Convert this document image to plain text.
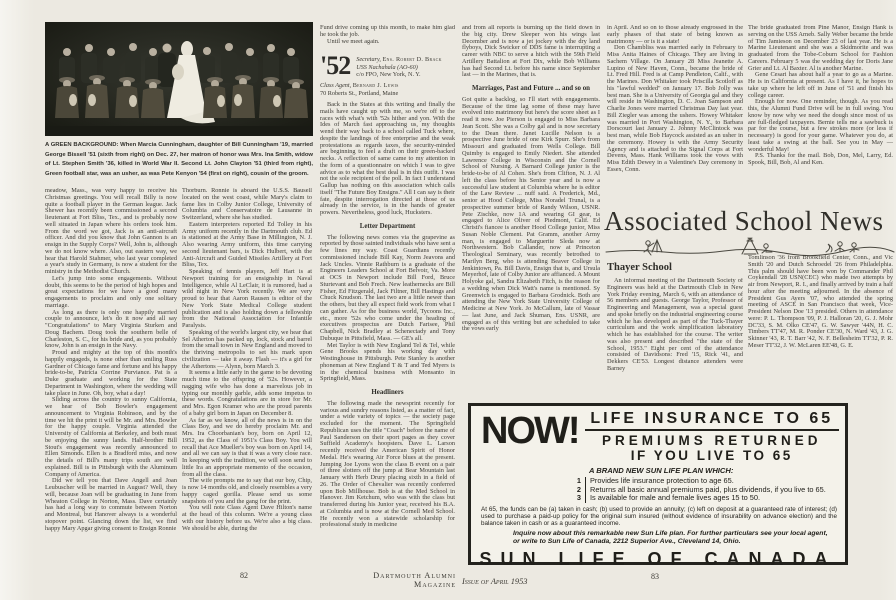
A GREEN BACKGROUND: When Marcia Cunningham, daughter of Bill Cunningham '19, married George Bissell '51 (sixth from right) on Dec. 27, her matron of honor was Mrs. Ina Smith, widow of Lt. Stephen Smith '36, killed in World War II. Second Lt. John Clayton '51 (third from right), Green football star, was an usher, as was Pete Kenyon '54 (first on right), cousin of the groom.

meadow, Mass., was very happy to receive his Christmas greetings. You will recall Billy is now quite a football player in the German league. Jack Shewer has recently been commissioned a second lieutenant at Fort Bliss, Tex., and is probably now well situated in Japan where his orders took him. From the word we got, Jack is an anti-aircraft officer. And did you know that John Gannon is an ensign in the Supply Corps? Well, John is, although we do not know where. Also, out eastern way, we hear that Harold Stahmer, who last year completed a year's study in Germany, is now a student for the ministry in the Methodist Church.

Let's jump into some engagements. Without doubt, this seems to be the period of high hopes and great expectations for we have a good many engagements to proclaim and only one solitary marriage.

As long as there is only one happily married couple to announce, let's do it now and all say "Congratulations" to Mary Virginia Sturken and Doug Bachem. Doug took the southern belle of Charleston, S. C., for his bride and, as you probably know, John is an ensign in the Navy.

Proud and mighty at the top of this month's happily engageds, is none other than smiling Russ Gardner of Chicago fame and fortune and his happy bride-to-be, Patricia Corrine Purviance. Pat is a Duke graduate and working for the State Department in Washington, where the wedding will take place in June. Oh, boy, what a day!

Sliding across the country to sunny California, we hear of Bob Bowler's engagement announcement to Virginia Robinson, and by the time we hit the print it will be Mr. and Mrs. Bowler for the happy couple. Virginia attended the University of California at Berkeley, and both must be enjoying the sunny lands. Half-brother Bill Stout's engagement was recently announced to Ellen Simonds. Ellen is a Bradford miss, and now the details of Bill's many trips south are well explained. Bill is in Pittsburgh with the Aluminum Company of America.

Did we tell you that Dave Angell and Joan Leubuscher will be married in August? Well, they will, because Joan will be graduating in June from Wheaton College in Norton, Mass. Dave certainly has had a long way to commute between Norton and Montreal, but Hanover always is a wonderful stopover point. Glancing down the list, we find happy Mary Apgar giving consent to Ensign Ronnie

Thorburn. Ronnie is aboard the U.S.S. Bausell located on the west coast, while Mary's claim to fame lies in Colby Junior College, University of Columbia and Conservatoire de Lausanne in Switzerland, where she has studied.

Eastern interpreters reported Ed Tolley in his Army uniform recently in the Dartmouth club. Ed is stationed at the Army Base in Millington, N. J. Also wearing Army uniform, this time carrying second lieutenant bars, is Dick Hulbert, with the Anti-Aircraft and Guided Missiles Artillery at Fort Bliss, Tex.

Speaking of tennis players, Jeff Hart is at Newport training for an ensignship in Naval Intelligence, while Al LeClair, it is rumored, had a wild night in New York recently. We are very proud to hear that Aaron Rausen is editor of the New York State Medical College student publication and is also holding down a fellowship from the National Association for Infantile Paralysis.

Speaking of the world's largest city, we hear that Sel Atherton has packed up, lock, stock and barrel from the small town in New England and moved to the thriving metropolis to set his mark upon civilization — take it away. Flash — it's a girl for the Athertons — Alynn, born March 3.

It seems a little early in the game to be devoting much time to the offspring of '52s. However, a nagging wife who has done a marvelous job in typing our monthly garble, adds some impetus to these words. Congratulations are in store for Mr. and Mrs. Egon Kramer who are the proud parents of a baby girl born in Japan on December 8.

As far as we know, all of the news is in on the Class Boy, and we do hereby proclaim Mr. and Mrs. Ira Choorbanian's boy, born on April 12, 1952, as the Class of 1951's Class Boy. You will recall that Ace Mueller's boy was born on April 14, and all we can say is that it was a very close race. In keeping with the tradition, we will soon send to little Ira an appropriate memento of the occasion, from all the class.

The wife prompts me to say that our boy, Chip, is now 14 months old, and closely resembles a very happy caged gorilla. Please send us some snapshots of you and the gang for the print.

You will note Class Agent Dave Hilton's name at the head of this column. We're a young class with our history before us. We're also a big class. We should be able, during the

Fund drive coming up this month, to make him glad he took the job.

Until we meet again.

'52 Secretary, Ens. Robert D. Brack
USS Nachahala (AO-60)
c/o FPO, New York, N. Y.
Class Agent, Bernard J. Lewis
70 Roberts St., Portland, Maine

Back in the States at this writing and finally the mails have caught up with me, so we're off to the races with what's with '52s hither and yon. With the Ides of March fast approaching us, my thoughts wend their way back to a school called Tuck where, despite the landings of free enterprise and the weak protestations as regards taxes, the security-minded are beginning to feel a draft on their green-backed necks. A reflection of same came to my attention in the form of a questionnaire on which I was to give advice as to what the best deal is in this outfit. I was not the sole recipient of the poll. In fact I understand Gallup has nothing on this association which calls itself "The Future Boy Ensigns." All I can say is their fate, despite interrogation directed at those of us already in the service, is in the hands of greater powers. Nevertheless, good luck, Hucksters.

Letter Department

The following news comes via the grapevine as reported by those sainted individuals who have sent a few lines my way. Coast Guardians recently commissioned include Bill Kay, Norm Jeavons and Jack Uncles. Vinnie Rathburn is a graduate of the Engineers Leaders School at Fort Belvoir, Va. More at OCS in Newport include Bill Ford, Bruce Sturtevant and Bob Frech. New leathernecks are Bill Fisher, Ed Fitzgerald, Jack Filtner, Bill Hastings and Chuck Knudson. The last two are a little newer than the others, but they all expect field work from what I can gather. As for the business world, Tycoons Inc., etc., more '52s who come under the heading of executives prospectus are Dutch Farisee, Phil Chapbell, Nick Bradley at Schenectady and Tony Dubuque in Pittsfield, Mass. — GE's all.

Met Taylor is with New England Tel & Tel, while Gene Brooks spends his working day with Westinghouse in Pittsburgh. Pete Stanley is another phoneman at New England T & T and Ted Myers is in the chemical business with Monsanto in Springfield, Mass.

Headliners

The following made the newsprint recently for various and sundry reasons listed, as a matter of fact, under a wide variety of topics — the society page excluded for the moment. The Springfield Republican uses the title "Coach" before the name of Paul Sanderson on their sport pages as they cover Suffield Academy's hoopsters. Dave L. Larson recently received the American Spirit of Honor Medal. He's wearing Air Force blues at the present. Jumping Joe Lyons won the class B event on a pair of three slotters off the jump at Bear Mountain last January with Herb Drury placing sixth in a field of 26. The Order of Chevalier was recently conferred upon Bob Millhouse. Bob is at the Med School in Hanover. Jim Ketchum, who was with the class but transferred during his Junior year, received his B.A. at Columbia and is now at the Cornell Med School. He recently won a statewide scholarship for professional study in medicine

82	Dartmouth Alumni Magazine

and from all reports is burning up the field down in the big city. Drew Sleeper won his wings last December and is now a jet jockey with the dry land flyboys, Dick Swicker of DDS fame is interrupting a career with NBC to serve a hitch with the 59th Field Artillery Battalion at Fort Dix, while Bob Williams has had Second Lt. before his name since September last — in the Marines, that is.

Marriages, Past and Future ... and so on

Got quite a backlog, so I'll start with engagements. Because of the time lag some of these may have evolved into matrimony but here's the score sheet as I read it now. Joe Pierson is engaged to Miss Barbara Jean Scott. She was a Colby gal and is now secretary to the Dean there. Janet Lucille Nelson is a prospective June bride of one Kirk Spurr. She's from Missouri and graduated from Wells College. Bill Quimby is engaged to Emily Niedert. She attended Lawrence College in Wisconsin and the Cornell School of Nursing. A Barnard College junior is the bride-to-be of Al Cohen. She's from Clifton, N. J. Al left the class before his Senior year and is now a successful law student at Columbia where he is editor of the Law Review ... nuff said. A Frederick, Md., senior at Hood College, Miss Noradel Trunal, is a prospective summer bride of Randy Wilson, USNR. Pete Zischke, now 1A and wearing GI gear, is engaged to Alice Oliver of Piedmont, Calif. Ed Christi's fiancee is another Hood College junior, Miss Susan Noble Clement. Pat Gramm, another Army man, is engaged to Marguerite Sleda now at Northwestern. Bob Callander, now at Princeton Theological Seminary, was recently betrothed to Marilyn Berg, who is attending Beaver College in Jenkintown, Pa. Bill Davis, Ensign that is, and Ursula Meyerhof, late of Colby Junior are affianced. A Mount Holyoke gal, Sandra Elizabeth Fitch, is the reason for a wedding when Dick Watt's name is mentioned. Sy Greenwich is engaged to Barbara Grodnick. Both are attending the New York State University College of Medicine at New York. Jo McCallum, late of Vassar — last June, and Jack Shuman, Ens. USNR, are engaged as of this writing but are scheduled to take the vows early

in April. And so on to those already engrossed in the early phases of that state of being known as matrimony — or is it a state!

Don Chambliss was married early in February to Miss Anita Haines of Chicago. They are living in Sachem Village. On January 28 Miss Jeanette A. Lupino of New Haven, Conn., became the bride of Lt. Fred Hill. Fred is at Camp Pendleton, Calif., with the Marines. Don Whitaker took Priscilla Scotloff as his "lawful wedded" on January 17. Bob Jolly was best man. She is a University of Georgia gal and they will reside in Washington, D. C. Joan Sampson and Charlie Jones were married Christmas Day last year. Bill Ziegler was among the ushers. Howey Whitaker was married in Port Washington, N. Y., to Barbara Dorscourt last January 2. Johnny McClintock was best man, while Bob Haycock assisted as an usher in the ceremony. Howey is with the Army Security Agency and is attached to the Signal Corps at Fort Devens, Mass. Hank Williams took the vows with Miss Edith Dewey in a Valentine's Day ceremony in Essex, Conn.

The bride graduated from Pine Manor, Ensign Hank is serving on the USS Arneb. Sally Weber became the bride of Tim Jamieson on December 23 of last year. He is a Marine Lieutenant and she was a Skidmorite and was graduated from the Tobe-Coburn School for Fashion Careers. February 5 was the wedding day for Doris Jane Grier and Lt. Al Baxter. Al is another Marine.

Gene Cesari has about half a year to go as a Marine. He is in California at present. As I have it, he hopes to take up where he left off in June of '51 and finish his college career.

Enough for now. One reminder, though. As you read this, the Alumni Fund Drive will be in full swing. You know by now why we need the dough since most of us are full-fledged taxpayers. Bernie tells me a sawbuck is par for the course, but a few strokes more (or less if necessary) is good for your game. Whatever you do, at least take a swing at the ball. See you in May — wonderful May!

P.S. Thanks for the mail. Bob, Don, Mel, Larry, Ed. Spook, Bill, Bob, Al and Ken.

Associated School News
Thayer School

An informal meeting of the Dartmouth Society of Engineers was held at the Dartmouth Club in New York Friday evening, March 6, with an attendance of 56 members and guests. George Taylor, Professor of Engineering and Management, was a special guest and spoke briefly on the industrial engineering course which he has developed as part of the Tuck-Thayer curriculum and the work simplification laboratory which he has established for the course. The writer was also present and described "the state of the School, 1953." Eight per cent of the attendance consisted of Davidsons: Fred '15, Rick '41, and Dekkers CE'53. Longest distance attenders were Barney

Tomlinson '36 from Brookfield Center, Conn., and Vic Smith '20 and Dutch Schroedel '26 from Philadelphia. This palm should have been won by Commander Phil Coykendall '28 USN(CEC) who made two attempts by air from Newport, R. I., and finally arrived by train a half hour after the meeting adjourned. In the absence of President Gus Ayers '07, who attended the spring meeting of ASCE in San Francisco that week, Vice-President Nelson Doe '13 presided. Others in attendance were: P. L. Thompson '09, P. J. Halloran '20, G. J. Mohr DC'33, S. M. Olko CE'47, G. W. Sawyer '44N, H. C. Timbers TT'47, M. R. Ponder CE'30, N. Ward '43, J. G. Skinner '43, R. T. Barr '42, N. F. Bellesheim TT'32, P. R. Meser TT'32, J. W. McLaren EE'48, G. E.

NOW! LIFE INSURANCE TO 65
PREMIUMS RETURNED
IF YOU LIVE TO 65
A BRAND NEW SUN LIFE PLAN WHICH:
1	Provides life insurance protection to age 65.
2	Returns all basic annual premiums paid, plus dividends, if you live to 65.
3	Is available for male and female lives ages 15 to 50.
At 65, the funds can be (a) taken in cash; (b) used to provide an annuity; (c) left on deposit at a guaranteed rate of interest; (d) used to purchase a paid-up policy for the original sum insured (without evidence of insurability on advance election) and the balance taken in cash or as a guaranteed income.
Inquire now about this remarkable new Sun Life plan. For further particulars see your local agent, or write to Sun Life of Canada, 2212 Superior Ave., Cleveland 14, Ohio.
SUN LIFE OF CANADA
Issue of April 1953
83
